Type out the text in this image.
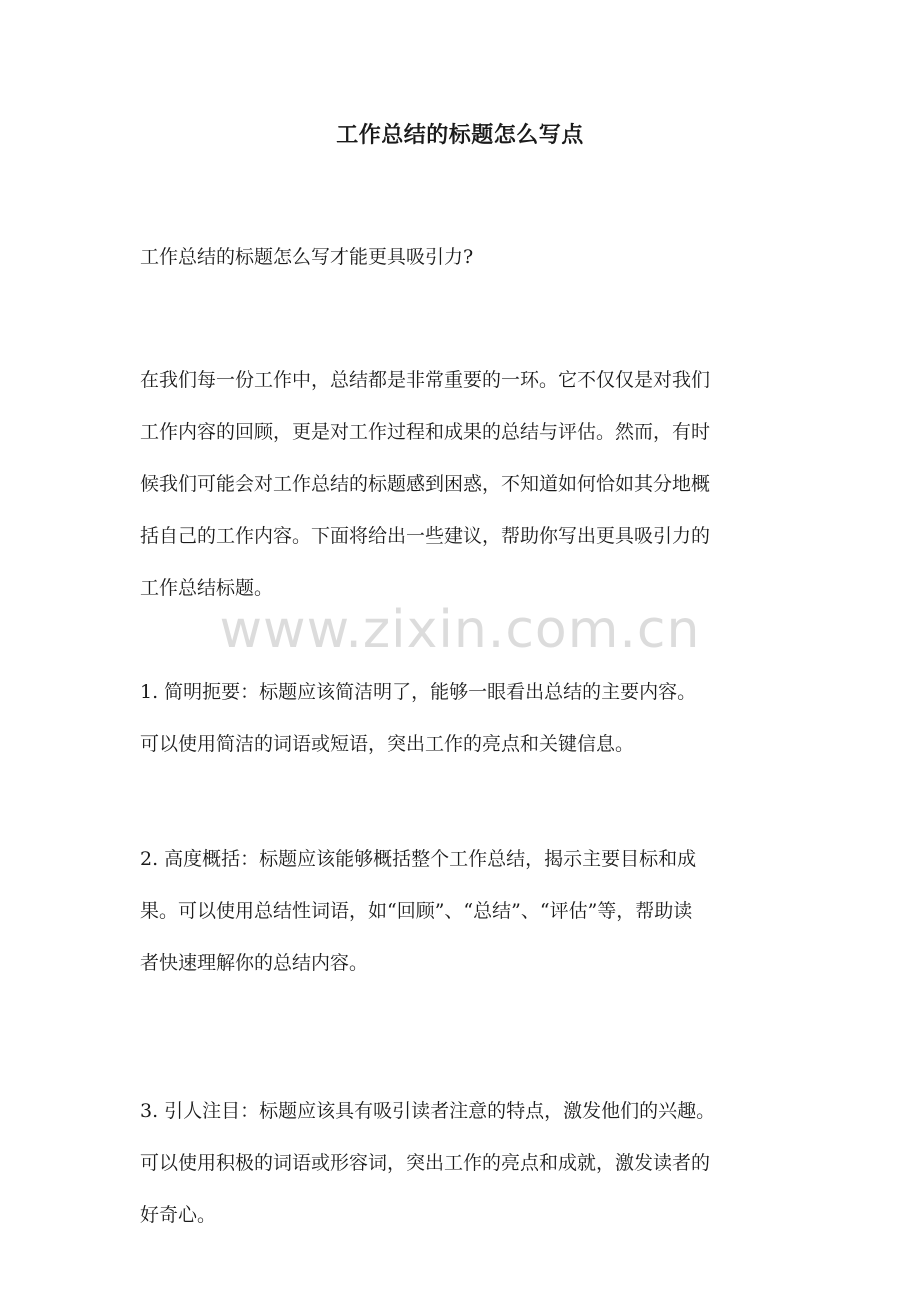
工作总结的标题怎么写点
工作总结的标题怎么写才能更具吸引力?
在我们每一份工作中，总结都是非常重要的一环。它不仅仅是对我们
工作内容的回顾，更是对工作过程和成果的总结与评估。然而，有时
候我们可能会对工作总结的标题感到困惑，不知道如何恰如其分地概
括自己的工作内容。下面将给出一些建议，帮助你写出更具吸引力的
工作总结标题。
www.zixin.com.cn
1. 简明扼要：标题应该简洁明了，能够一眼看出总结的主要内容。
可以使用简洁的词语或短语，突出工作的亮点和关键信息。
2. 高度概括：标题应该能够概括整个工作总结，揭示主要目标和成
果。可以使用总结性词语，如“回顾”、“总结”、“评估”等，帮助读
者快速理解你的总结内容。
3. 引人注目：标题应该具有吸引读者注意的特点，激发他们的兴趣。
可以使用积极的词语或形容词，突出工作的亮点和成就，激发读者的
好奇心。
